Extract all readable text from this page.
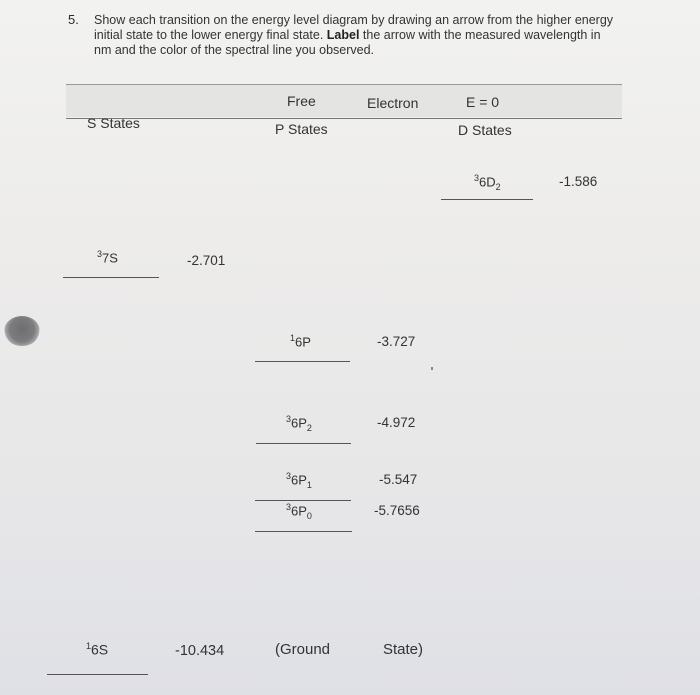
5. Show each transition on the energy level diagram by drawing an arrow from the higher energy initial state to the lower energy final state. Label the arrow with the measured wavelength in nm and the color of the spectral line you observed.
Free	Electron	E = 0
S States	P States	D States
$^36D_2$	-1.586
$^3$7S	-2.701
$^1$6P	-3.727
$^36P_2$	-4.972
$^36P_1$	-5.547
$^36P_0$	-5.7656
$^1$6S	-10.434	(Ground	State)
